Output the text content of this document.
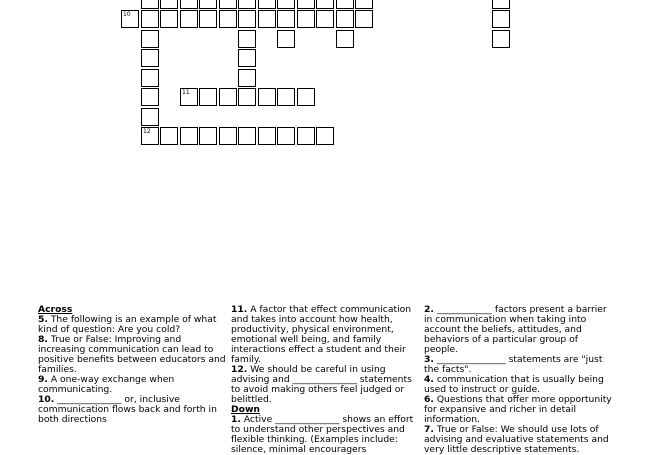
10
12
11

Across

5. The following is an example of what kind of question: Are you cold?

8. True or False: Improving and increasing communication can lead to positive benefits between educators and families.

9. A one-way exchange when communicating.

10. ______________ or, inclusive communication flows back and forth in both directions

11. A factor that effect communication and takes into account how health, productivity, physical environment, emotional well being, and family interactions effect a student and their family.

12. We should be careful in using advising and ______________ statements to avoid making others feel judged or belittled.

Down

1. Active ______________ shows an effort to understand other perspectives and flexible thinking. (Examples include: silence, minimal encouragers

2. ____________ factors present a barrier in communication when taking into account the beliefs, attitudes, and behaviors of a particular group of people.

3. _______________ statements are "just the facts".

4. communication that is usually being used to instruct or guide.

6. Questions that offer more opportunity for expansive and richer in detail information.

7. True or False: We should use lots of advising and evaluative statements and very little descriptive statements.
